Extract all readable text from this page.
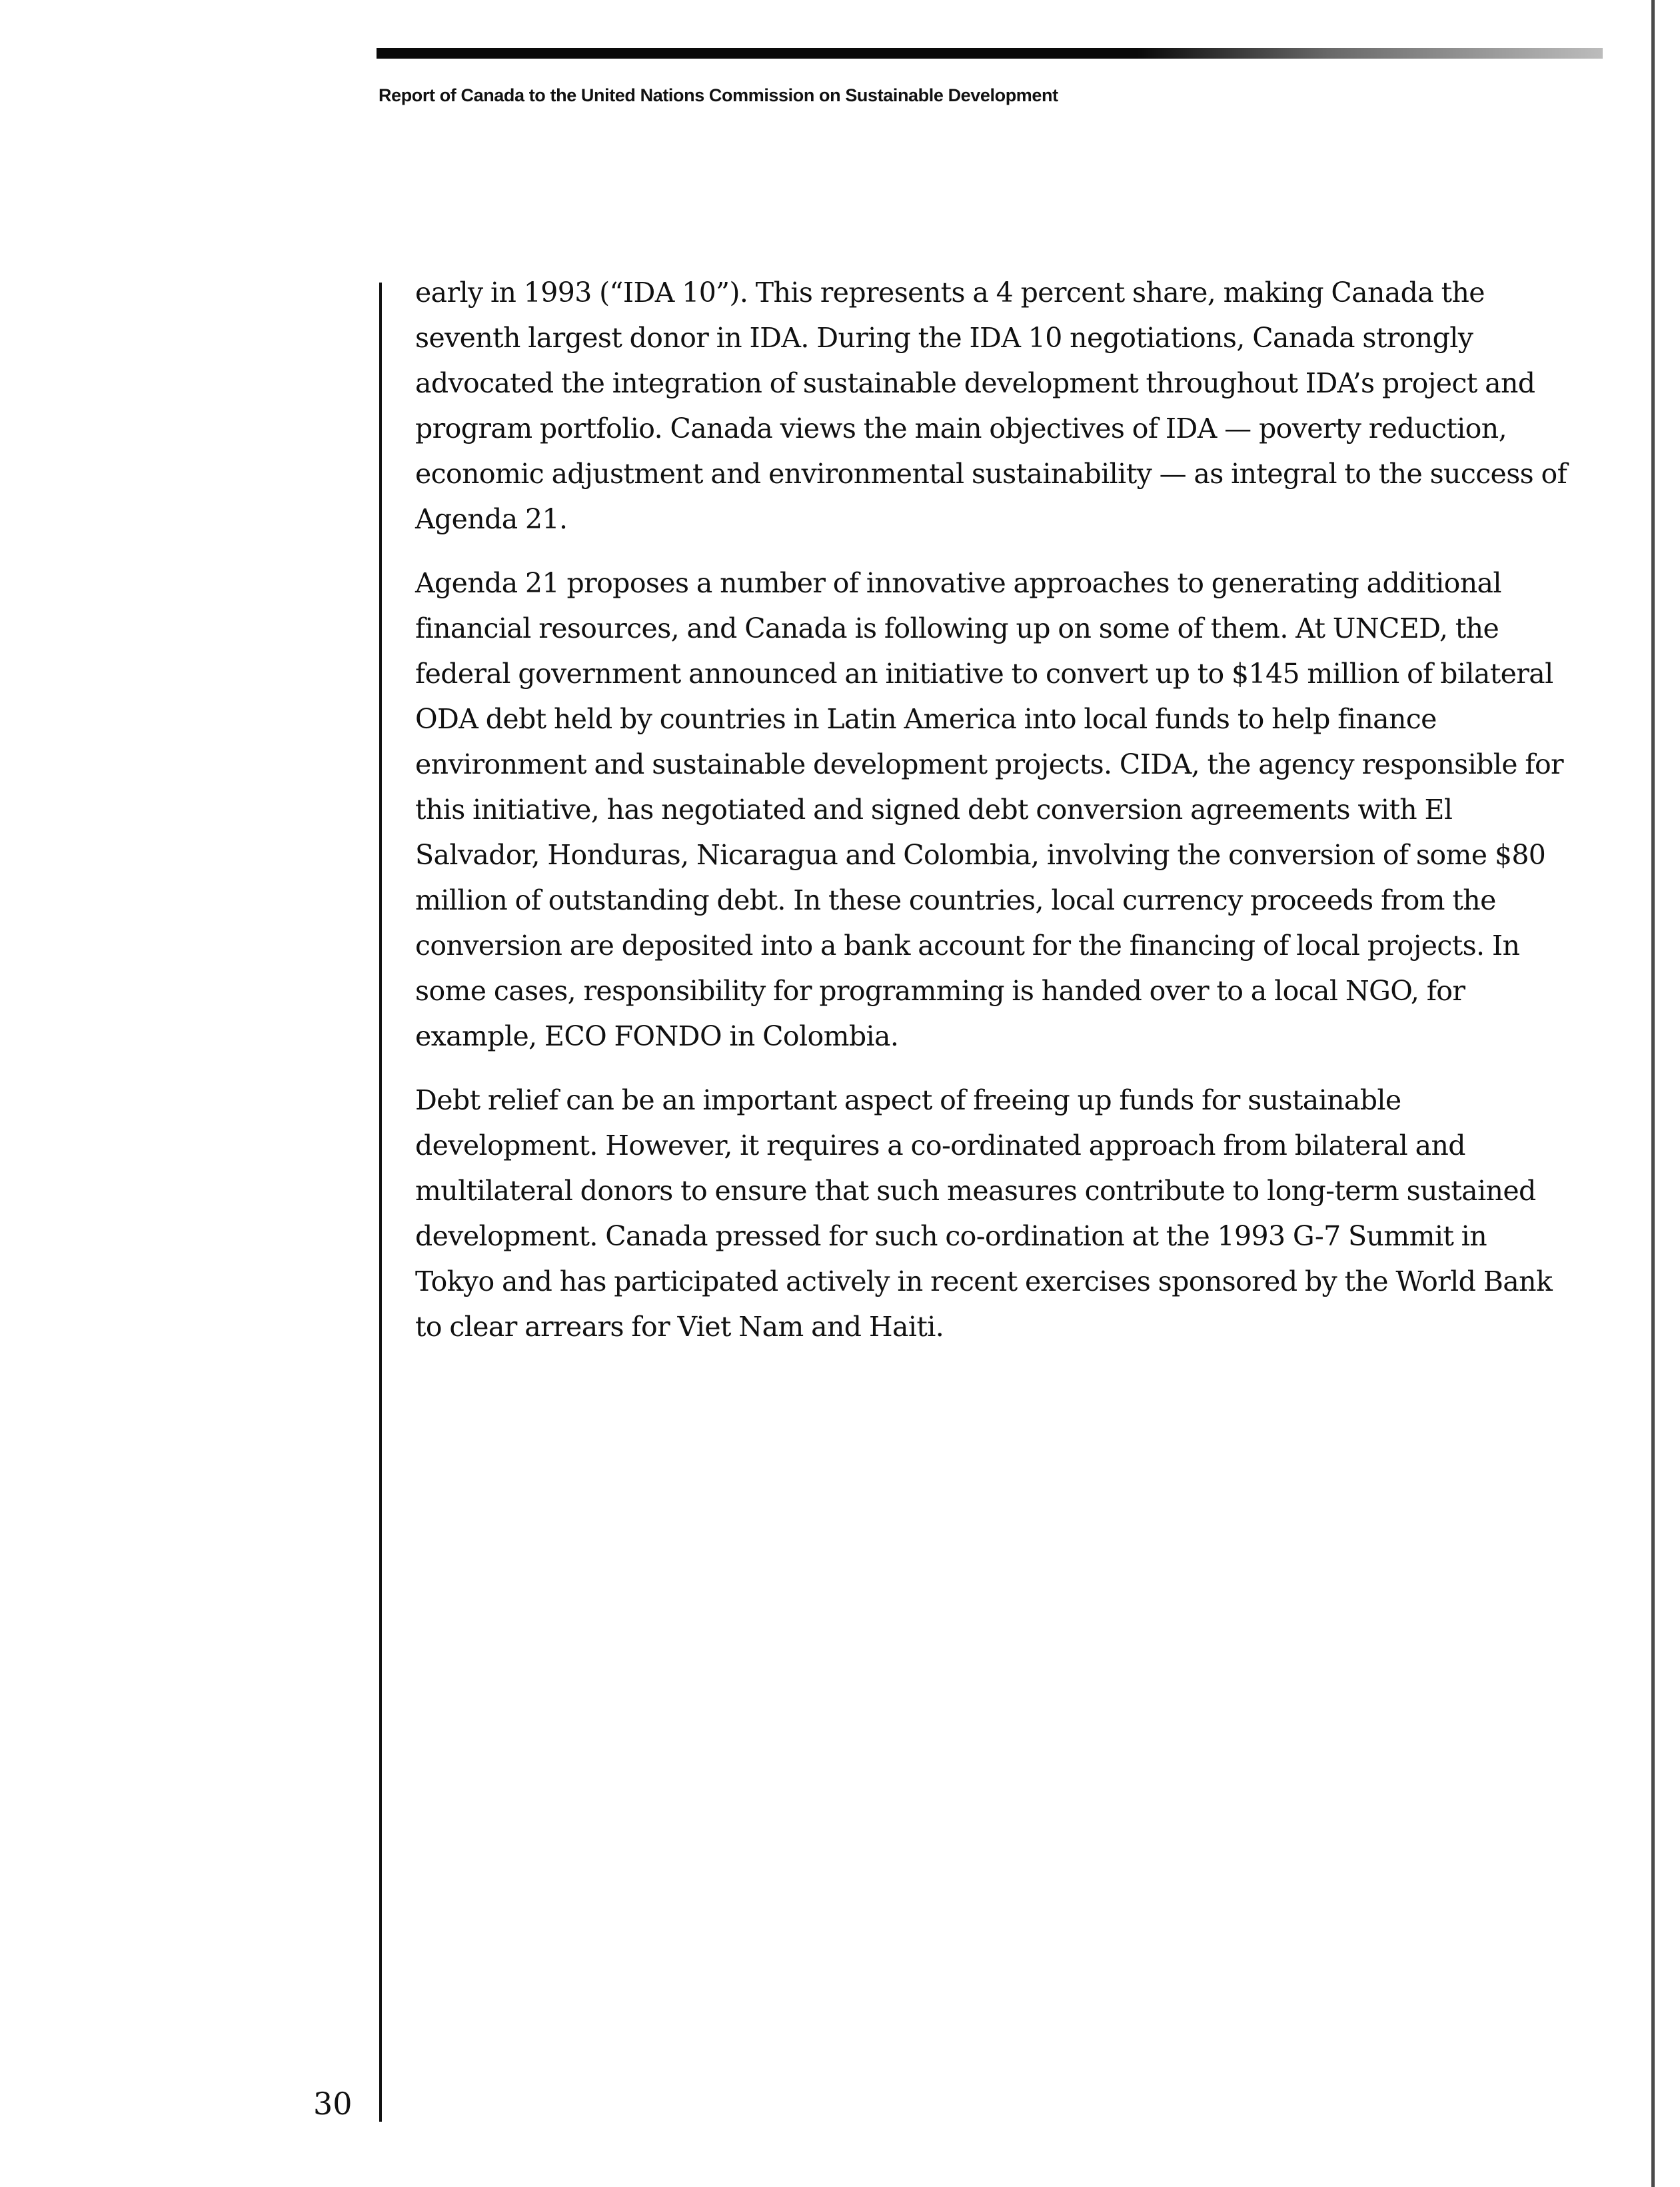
Report of Canada to the United Nations Commission on Sustainable Development

early in 1993 (“IDA 10”). This represents a 4 percent share, making Canada the seventh largest donor in IDA. During the IDA 10 negotiations, Canada strongly advocated the integration of sustainable development throughout IDA’s project and program portfolio. Canada views the main objectives of IDA — poverty reduction, economic adjustment and environmental sustainability — as integral to the success of Agenda 21.

Agenda 21 proposes a number of innovative approaches to generating additional financial resources, and Canada is following up on some of them. At UNCED, the federal government announced an initiative to convert up to $145 million of bilateral ODA debt held by countries in Latin America into local funds to help finance environment and sustainable development projects. CIDA, the agency responsible for this initiative, has negotiated and signed debt conversion agreements with El Salvador, Honduras, Nicaragua and Colombia, involving the conversion of some $80 million of outstanding debt. In these countries, local currency proceeds from the conversion are deposited into a bank account for the financing of local projects. In some cases, responsibility for programming is handed over to a local NGO, for example, ECO FONDO in Colombia.

Debt relief can be an important aspect of freeing up funds for sustainable development. However, it requires a co-ordinated approach from bilateral and multilateral donors to ensure that such measures contribute to long-term sustained development. Canada pressed for such co-ordination at the 1993 G-7 Summit in Tokyo and has participated actively in recent exercises sponsored by the World Bank to clear arrears for Viet Nam and Haiti.

30
